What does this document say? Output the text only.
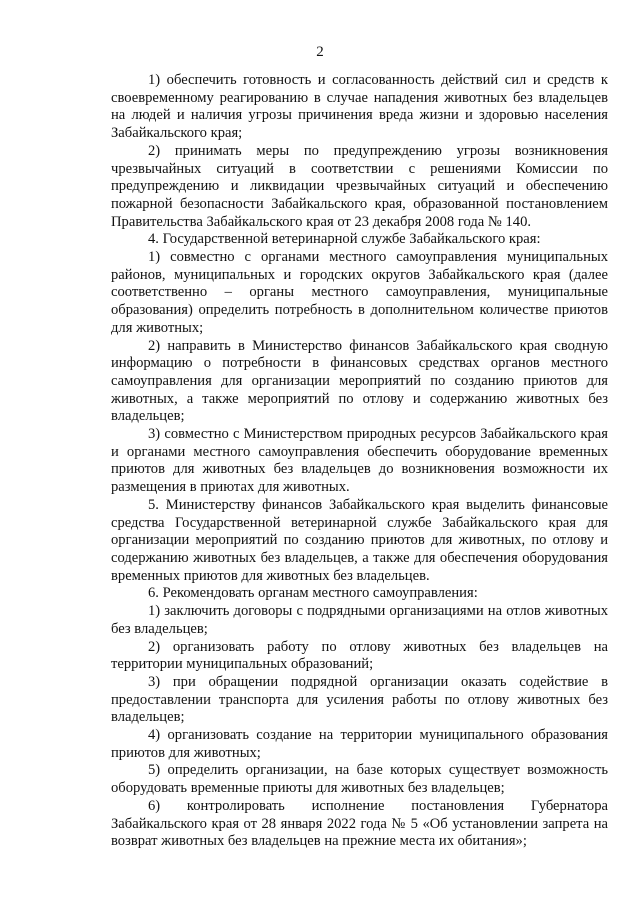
2

1) обеспечить готовность и согласованность действий сил и средств к своевременному реагированию в случае нападения животных без владельцев на людей и наличия угрозы причинения вреда жизни и здоровью населения Забайкальского края;

2) принимать меры по предупреждению угрозы возникновения чрезвычайных ситуаций в соответствии с решениями Комиссии по предупреждению и ликвидации чрезвычайных ситуаций и обеспечению пожарной безопасности Забайкальского края, образованной постановлением Правительства Забайкальского края от 23 декабря 2008 года № 140.

4. Государственной ветеринарной службе Забайкальского края:

1) совместно с органами местного самоуправления муниципальных районов, муниципальных и городских округов Забайкальского края (далее соответственно – органы местного самоуправления, муниципальные образования) определить потребность в дополнительном количестве приютов для животных;

2) направить в Министерство финансов Забайкальского края сводную информацию о потребности в финансовых средствах органов местного самоуправления для организации мероприятий по созданию приютов для животных, а также мероприятий по отлову и содержанию животных без владельцев;

3) совместно с Министерством природных ресурсов Забайкальского края и органами местного самоуправления обеспечить оборудование временных приютов для животных без владельцев до возникновения возможности их размещения в приютах для животных.

5. Министерству финансов Забайкальского края выделить финансовые средства Государственной ветеринарной службе Забайкальского края для организации мероприятий по созданию приютов для животных, по отлову и содержанию животных без владельцев, а также для обеспечения оборудования временных приютов для животных без владельцев.

6. Рекомендовать органам местного самоуправления:

1) заключить договоры с подрядными организациями на отлов животных без владельцев;

2) организовать работу по отлову животных без владельцев на территории муниципальных образований;

3) при обращении подрядной организации оказать содействие в предоставлении транспорта для усиления работы по отлову животных без владельцев;

4) организовать создание на территории муниципального образования приютов для животных;

5) определить организации, на базе которых существует возможность оборудовать временные приюты для животных без владельцев;

6) контролировать исполнение постановления Губернатора Забайкальского края от 28 января 2022 года № 5 «Об установлении запрета на возврат животных без владельцев на прежние места их обитания»;
